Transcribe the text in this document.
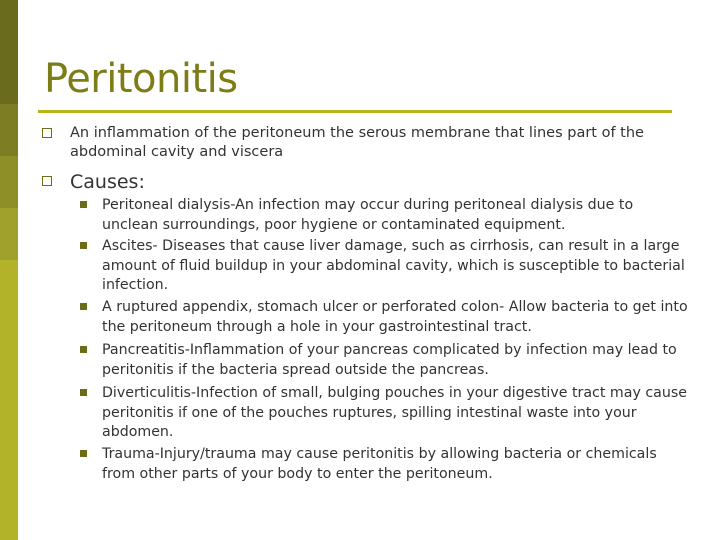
Peritonitis
An inflammation of the peritoneum the serous membrane that lines part of the abdominal cavity and viscera
Causes:
Peritoneal dialysis-An infection may occur during peritoneal dialysis due to unclean surroundings, poor hygiene or contaminated equipment.
Ascites- Diseases that cause liver damage, such as cirrhosis, can result in a large amount of fluid buildup in your abdominal cavity, which is susceptible to bacterial infection.
A ruptured appendix, stomach ulcer or perforated colon- Allow bacteria to get into the peritoneum through a hole in your gastrointestinal tract.
Pancreatitis-Inflammation of your pancreas complicated by infection may lead to peritonitis if the bacteria spread outside the pancreas.
Diverticulitis-Infection of small, bulging pouches in your digestive tract may cause peritonitis if one of the pouches ruptures, spilling intestinal waste into your abdomen.
Trauma-Injury/trauma may cause peritonitis by allowing bacteria or chemicals from other parts of your body to enter the peritoneum.
